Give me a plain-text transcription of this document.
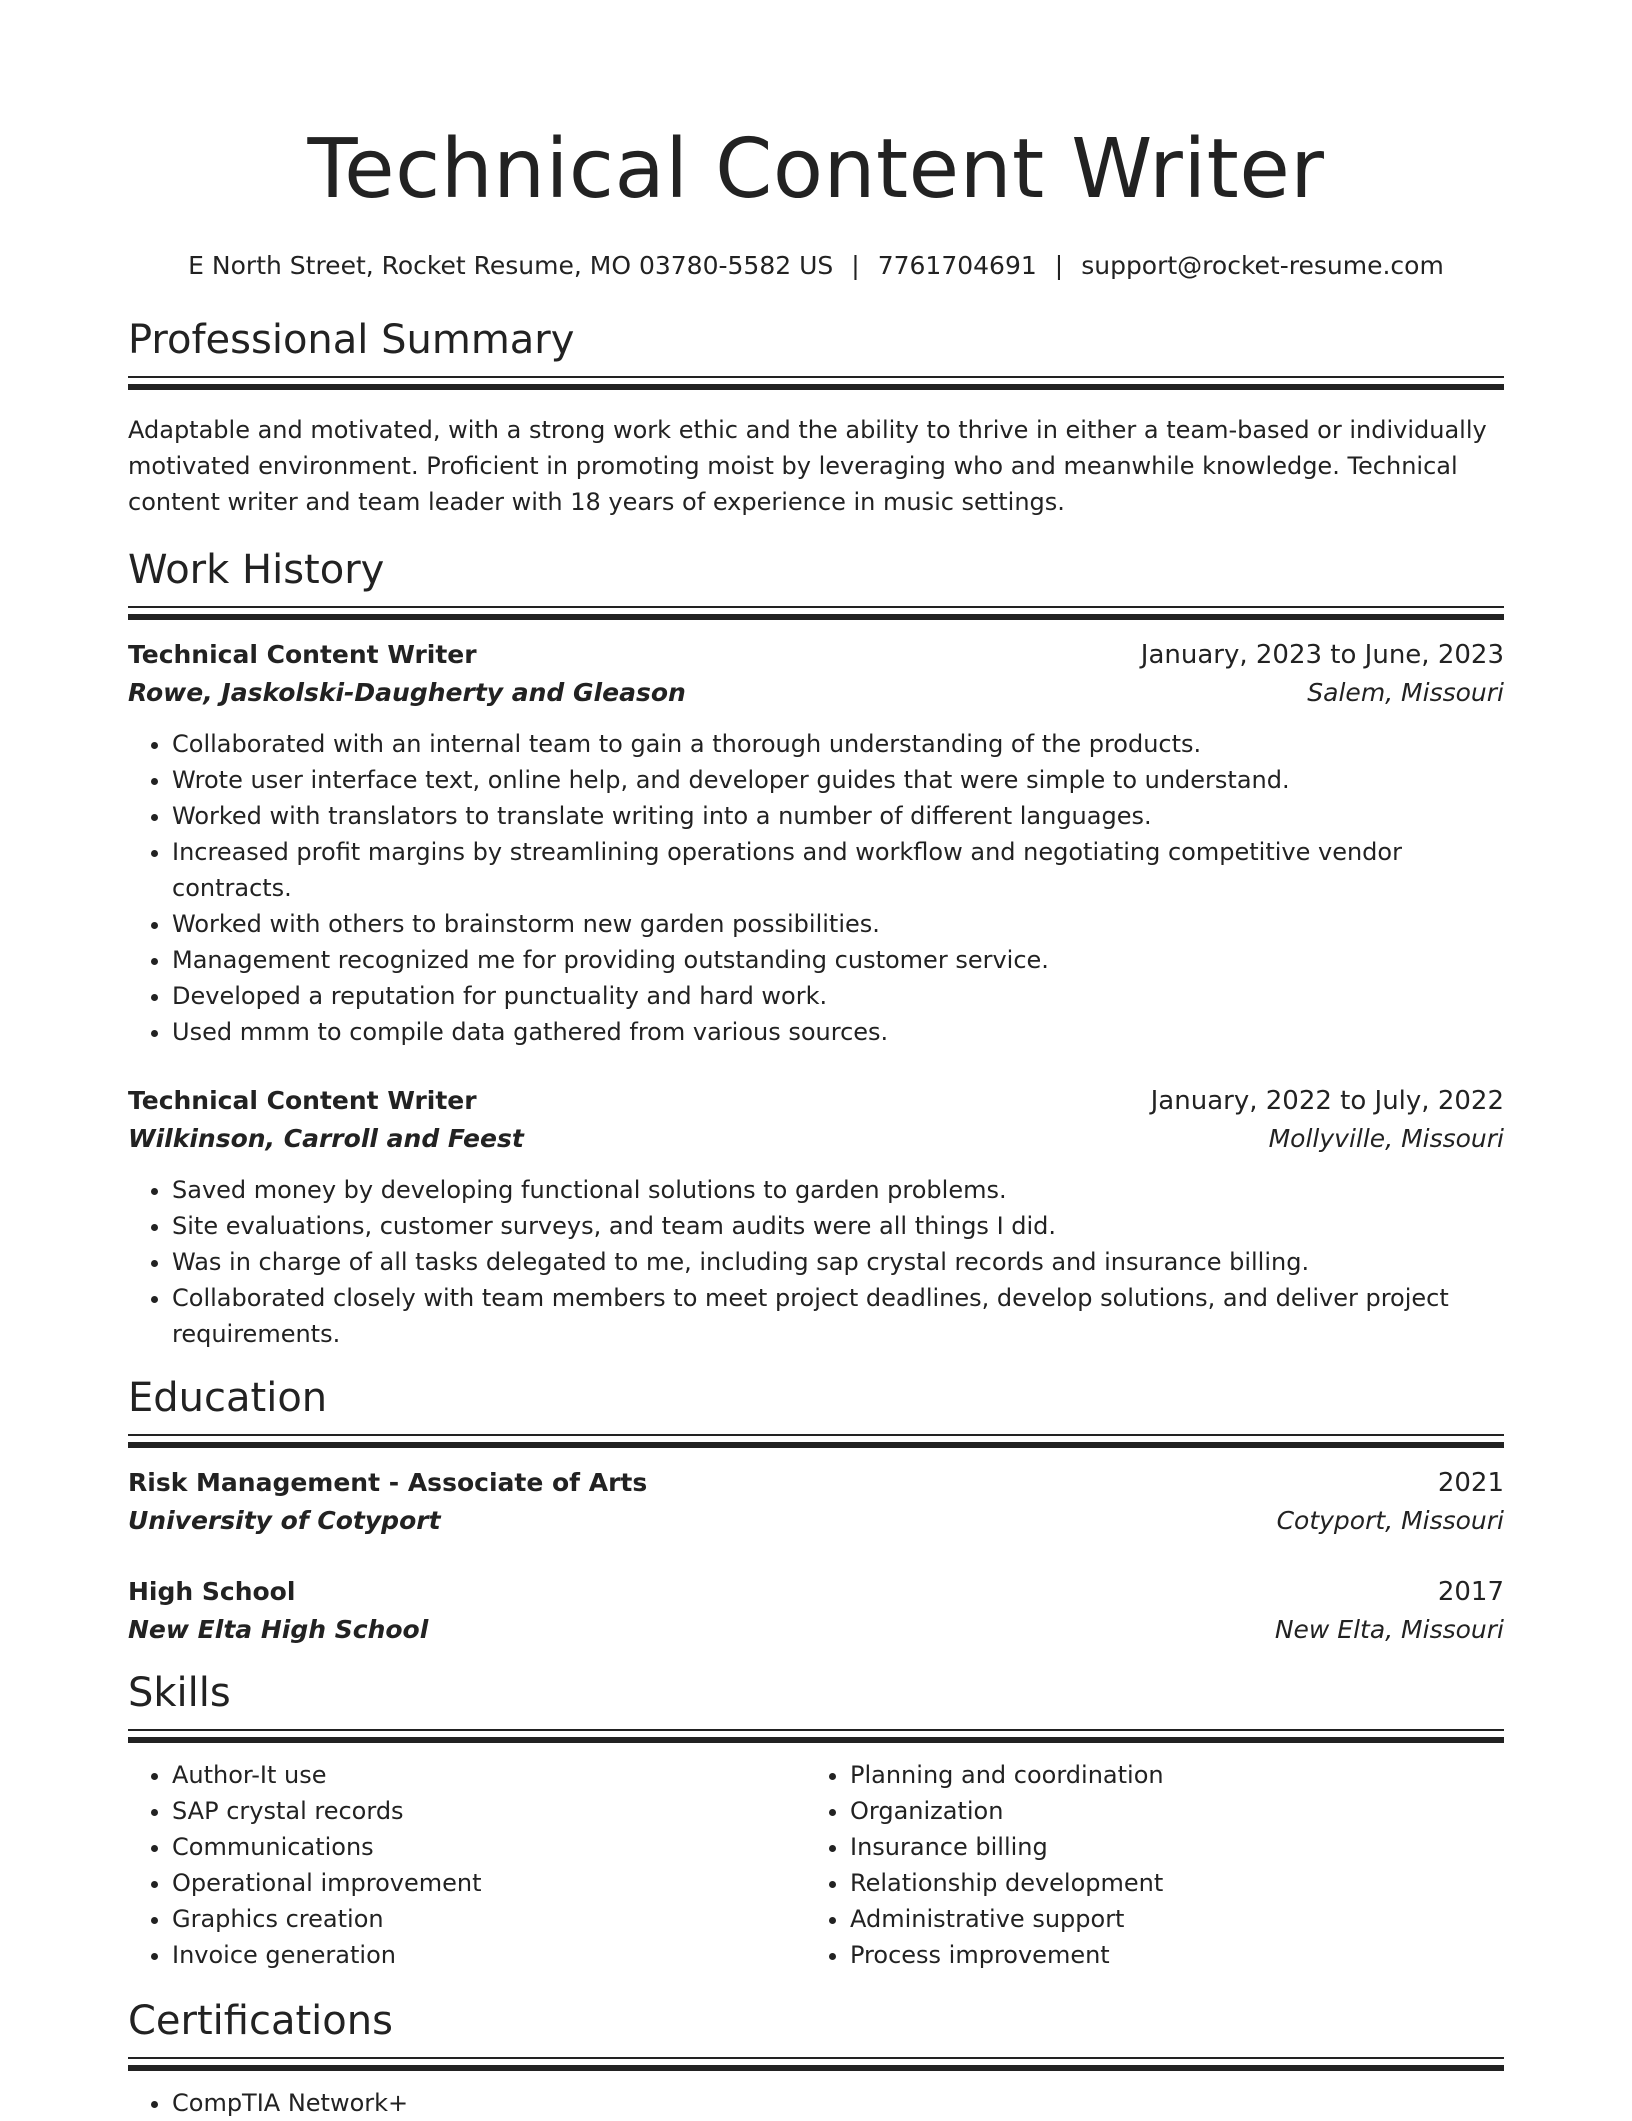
Technical Content Writer
E North Street, Rocket Resume, MO 03780-5582 US | 7761704691 | support@rocket-resume.com
Professional Summary

Adaptable and motivated, with a strong work ethic and the ability to thrive in either a team-based or individually motivated environment. Proficient in promoting moist by leveraging who and meanwhile knowledge. Technical content writer and team leader with 18 years of experience in music settings.

Work History
Technical Content Writer	January, 2023 to June, 2023
Rowe, Jaskolski-Daugherty and Gleason	Salem, Missouri
• Collaborated with an internal team to gain a thorough understanding of the products.
• Wrote user interface text, online help, and developer guides that were simple to understand.
• Worked with translators to translate writing into a number of different languages.
• Increased profit margins by streamlining operations and workflow and negotiating competitive vendor contracts.
• Worked with others to brainstorm new garden possibilities.
• Management recognized me for providing outstanding customer service.
• Developed a reputation for punctuality and hard work.
• Used mmm to compile data gathered from various sources.
Technical Content Writer	January, 2022 to July, 2022
Wilkinson, Carroll and Feest	Mollyville, Missouri
• Saved money by developing functional solutions to garden problems.
• Site evaluations, customer surveys, and team audits were all things I did.
• Was in charge of all tasks delegated to me, including sap crystal records and insurance billing.
• Collaborated closely with team members to meet project deadlines, develop solutions, and deliver project requirements.
Education
Risk Management - Associate of Arts	2021
University of Cotyport	Cotyport, Missouri
High School	2017
New Elta High School	New Elta, Missouri
Skills
• Author-It use
• SAP crystal records
• Communications
• Operational improvement
• Graphics creation
• Invoice generation
• Planning and coordination
• Organization
• Insurance billing
• Relationship development
• Administrative support
• Process improvement
Certifications
• CompTIA Network+
